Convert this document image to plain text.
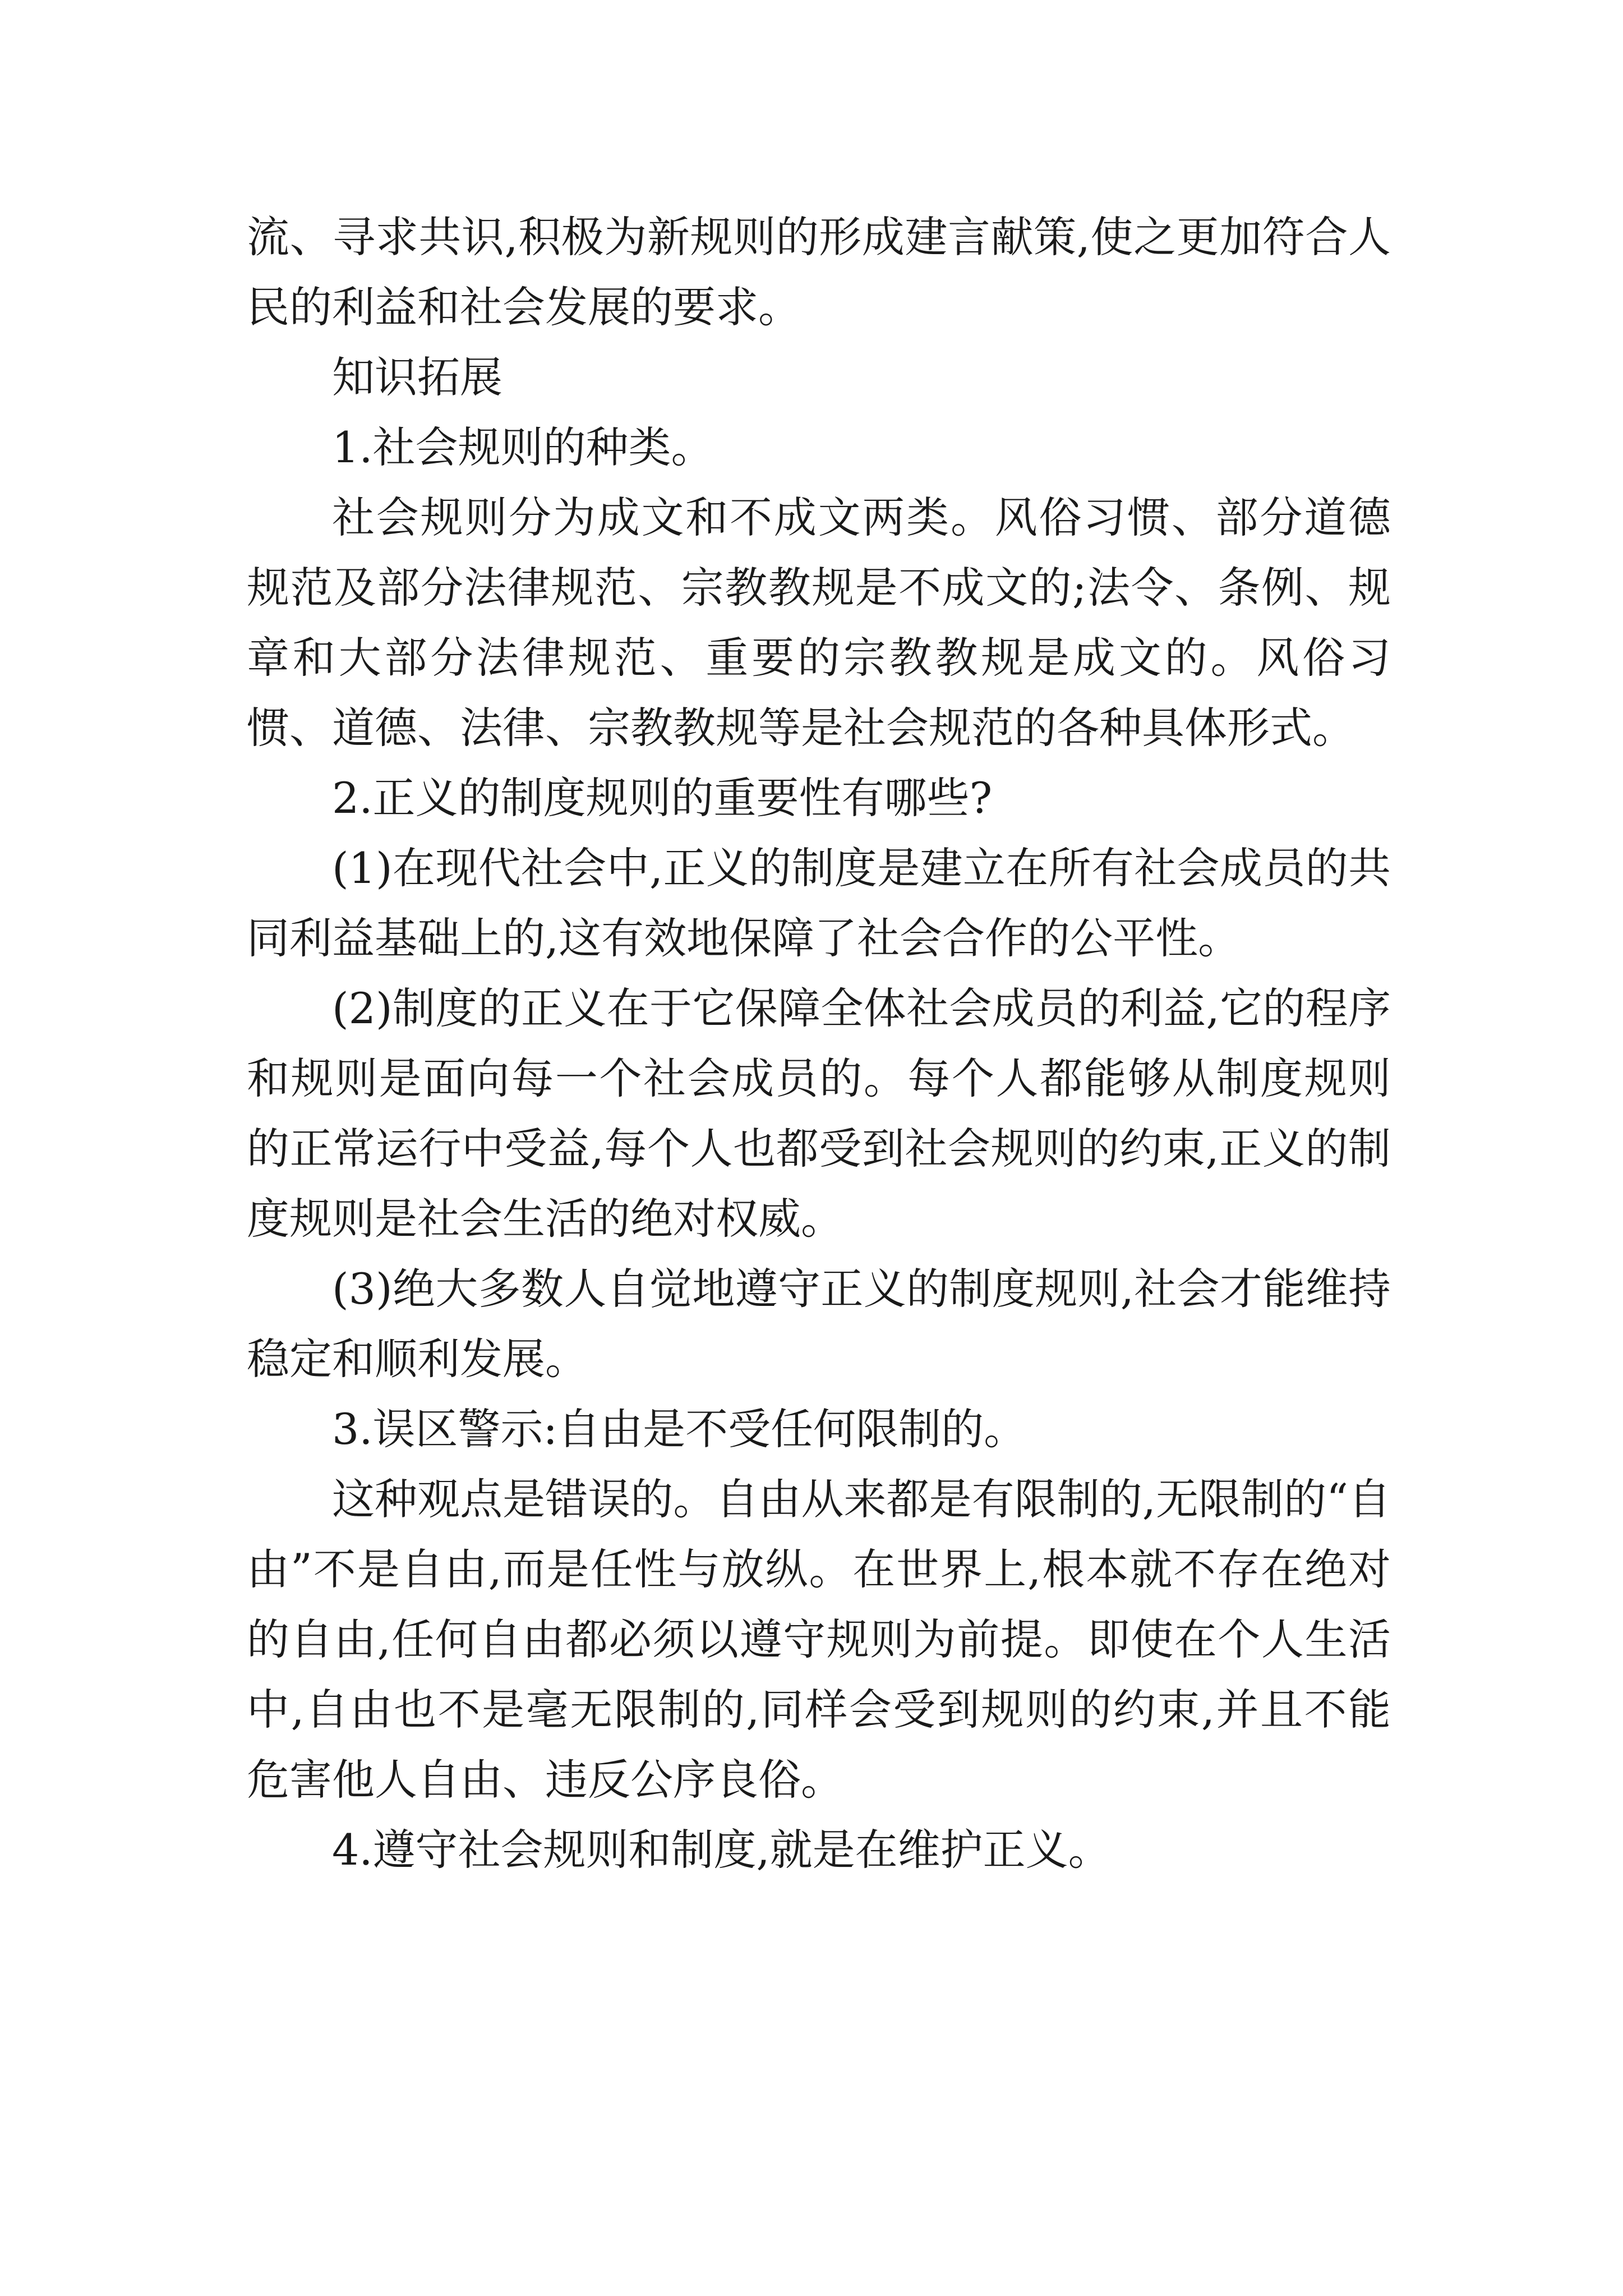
流、寻求共识,积极为新规则的形成建言献策,使之更加符合人民的利益和社会发展的要求。

知识拓展

1.社会规则的种类。

社会规则分为成文和不成文两类。风俗习惯、部分道德规范及部分法律规范、宗教教规是不成文的;法令、条例、规章和大部分法律规范、重要的宗教教规是成文的。风俗习惯、道德、法律、宗教教规等是社会规范的各种具体形式。

2.正义的制度规则的重要性有哪些?

(1)在现代社会中,正义的制度是建立在所有社会成员的共同利益基础上的,这有效地保障了社会合作的公平性。

(2)制度的正义在于它保障全体社会成员的利益,它的程序和规则是面向每一个社会成员的。每个人都能够从制度规则的正常运行中受益,每个人也都受到社会规则的约束,正义的制度规则是社会生活的绝对权威。

(3)绝大多数人自觉地遵守正义的制度规则,社会才能维持稳定和顺利发展。

3.误区警示:自由是不受任何限制的。

这种观点是错误的。自由从来都是有限制的,无限制的“自由”不是自由,而是任性与放纵。在世界上,根本就不存在绝对的自由,任何自由都必须以遵守规则为前提。即使在个人生活中,自由也不是毫无限制的,同样会受到规则的约束,并且不能危害他人自由、违反公序良俗。

4.遵守社会规则和制度,就是在维护正义。
